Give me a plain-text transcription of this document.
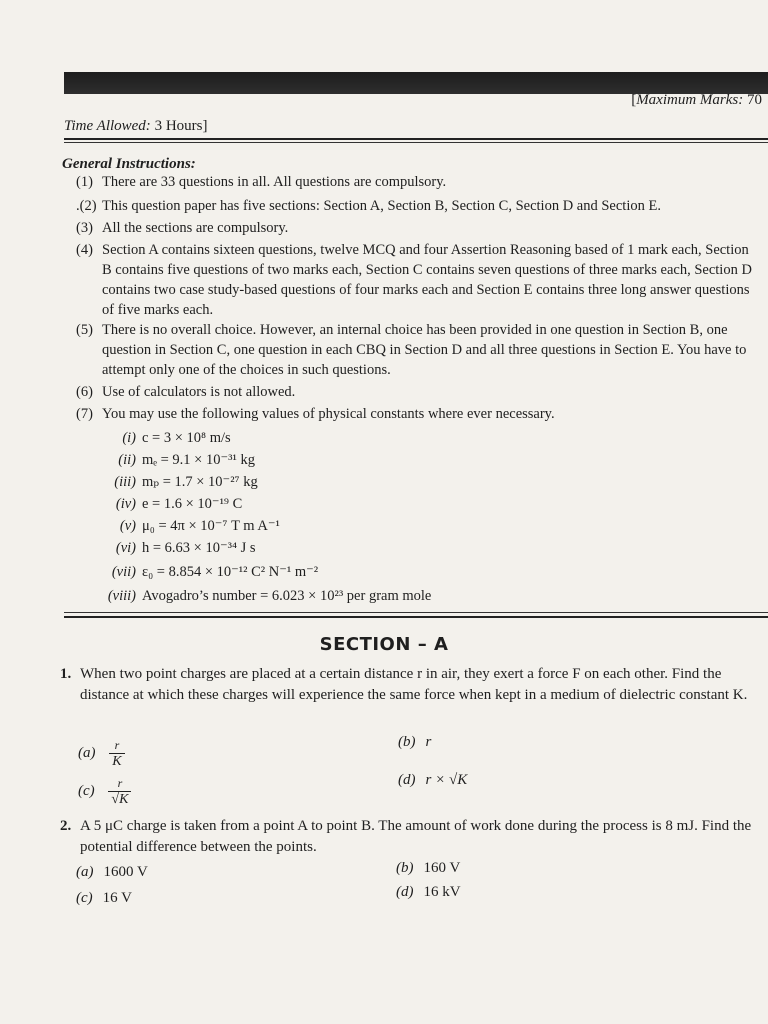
[Maximum Marks: 70
Time Allowed: 3 Hours]
General Instructions:
(1) There are 33 questions in all. All questions are compulsory.
.(2) This question paper has five sections: Section A, Section B, Section C, Section D and Section E.
(3) All the sections are compulsory.
(4) Section A contains sixteen questions, twelve MCQ and four Assertion Reasoning based of 1 mark each, Section B contains five questions of two marks each, Section C contains seven questions of three marks each, Section D contains two case study-based questions of four marks each and Section E contains three long answer questions of five marks each.
(5) There is no overall choice. However, an internal choice has been provided in one question in Section B, one question in Section C, one question in each CBQ in Section D and all three questions in Section E. You have to attempt only one of the choices in such questions.
(6) Use of calculators is not allowed.
(7) You may use the following values of physical constants where ever necessary.
(i) c = 3 × 10⁸ m/s
(ii) mₑ = 9.1 × 10⁻³¹ kg
(iii) mₚ = 1.7 × 10⁻²⁷ kg
(iv) e = 1.6 × 10⁻¹⁹ C
(v) μ₀ = 4π × 10⁻⁷ T m A⁻¹
(vi) h = 6.63 × 10⁻³⁴ J s
(vii) ε₀ = 8.854 × 10⁻¹² C² N⁻¹ m⁻²
(viii) Avogadro’s number = 6.023 × 10²³ per gram mole
SECTION – A
1. When two point charges are placed at a certain distance r in air, they exert a force F on each other. Find the distance at which these charges will experience the same force when kept in a medium of dielectric constant K.
$(a) \frac{r}{K}$	(b) r
$(c) \frac{r}{√K}$	(d) r × √K
2. A 5 μC charge is taken from a point A to point B. The amount of work done during the process is 8 mJ. Find the potential difference between the points.
(a) 1600 V	(b) 160 V
(c) 16 V	(d) 16 kV
